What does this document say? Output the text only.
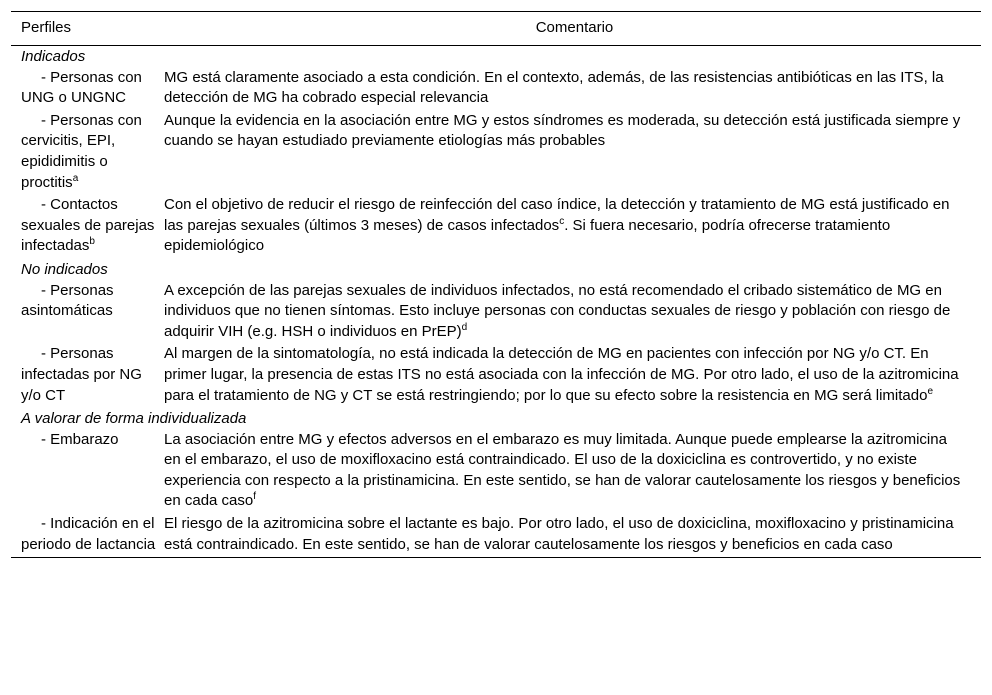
Perfiles	Comentario
Indicados	
- Personas con UNG o UNGNC	MG está claramente asociado a esta condición. En el contexto, además, de las resistencias antibióticas en las ITS, la detección de MG ha cobrado especial relevancia
- Personas con cervicitis, EPI, epididimitis o proctitis$^a$	Aunque la evidencia en la asociación entre MG y estos síndromes es moderada, su detección está justificada siempre y cuando se hayan estudiado previamente etiologías más probables
- Contactos sexuales de parejas infectadas$^b$	Con el objetivo de reducir el riesgo de reinfección del caso índice, la detección y tratamiento de MG está justificado en las parejas sexuales (últimos 3 meses) de casos infectados$^c$. Si fuera necesario, podría ofrecerse tratamiento epidemiológico
No indicados	
- Personas asintomáticas	A excepción de las parejas sexuales de individuos infectados, no está recomendado el cribado sistemático de MG en individuos que no tienen síntomas. Esto incluye personas con conductas sexuales de riesgo y población con riesgo de adquirir VIH (e.g. HSH o individuos en PrEP)$^d$
- Personas infectadas por NG y/o CT	Al margen de la sintomatología, no está indicada la detección de MG en pacientes con infección por NG y/o CT. En primer lugar, la presencia de estas ITS no está asociada con la infección de MG. Por otro lado, el uso de la azitromicina para el tratamiento de NG y CT se está restringiendo; por lo que su efecto sobre la resistencia en MG será limitado$^e$
A valorar de forma individualizada	
- Embarazo	La asociación entre MG y efectos adversos en el embarazo es muy limitada. Aunque puede emplearse la azitromicina en el embarazo, el uso de moxifloxacino está contraindicado. El uso de la doxiciclina es controvertido, y no existe experiencia con respecto a la pristinamicina. En este sentido, se han de valorar cautelosamente los riesgos y beneficios en cada caso$^f$
- Indicación en el periodo de lactancia	El riesgo de la azitromicina sobre el lactante es bajo. Por otro lado, el uso de doxiciclina, moxifloxacino y pristinamicina está contraindicado. En este sentido, se han de valorar cautelosamente los riesgos y beneficios en cada caso
